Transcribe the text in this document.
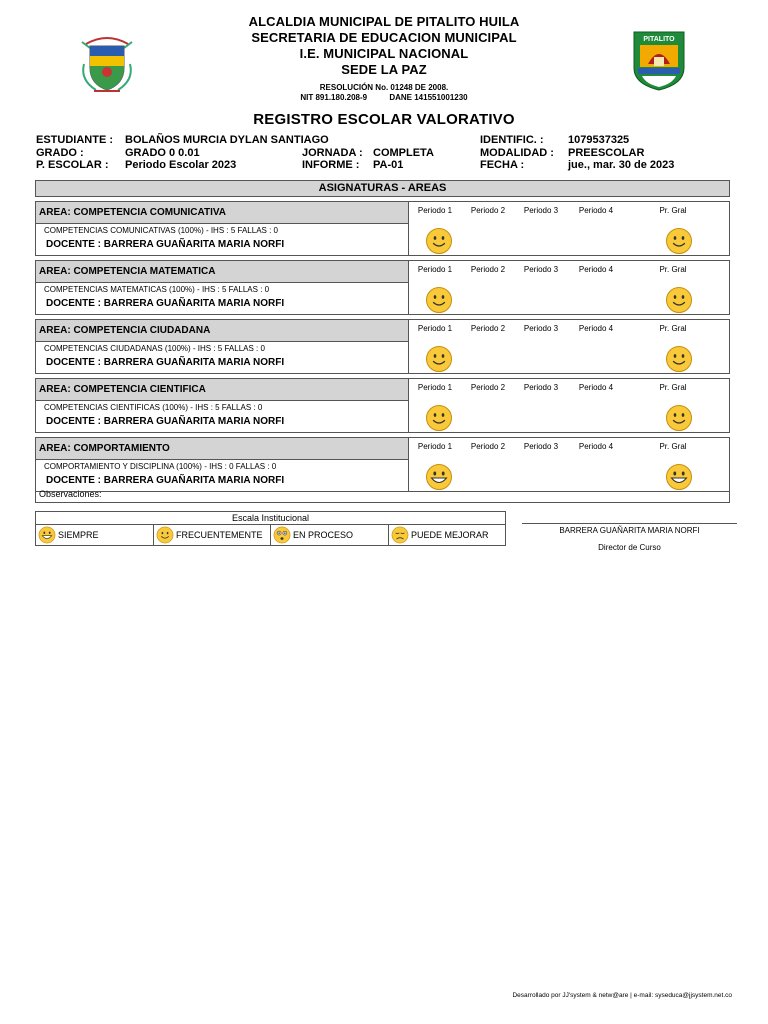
ALCALDIA MUNICIPAL DE PITALITO HUILA
SECRETARIA DE EDUCACION MUNICIPAL
I.E. MUNICIPAL NACIONAL
SEDE LA PAZ
RESOLUCIÓN No. 01248 DE 2008.
NIT 891.180.208-9	DANE 141551001230
PITALITO
REGISTRO ESCOLAR VALORATIVO
ESTUDIANTE : BOLAÑOS MURCIA DYLAN SANTIAGO	IDENTIFIC. : 1079537325
GRADO :	GRADO 0 0.01	JORNADA : COMPLETA	MODALIDAD : PREESCOLAR
P. ESCOLAR : Periodo Escolar 2023	INFORME : PA-01	FECHA :	jue., mar. 30 de 2023
ASIGNATURAS - AREAS
AREA: COMPETENCIA COMUNICATIVA
COMPETENCIAS COMUNICATIVAS (100%) - IHS : 5 FALLAS : 0
DOCENTE : BARRERA GUAÑARITA MARIA NORFI
Periodo 1	Periodo 2	Periodo 3	Periodo 4	Pr. Gral
AREA: COMPETENCIA MATEMATICA
COMPETENCIAS MATEMATICAS (100%) - IHS : 5 FALLAS : 0
DOCENTE : BARRERA GUAÑARITA MARIA NORFI
Periodo 1	Periodo 2	Periodo 3	Periodo 4	Pr. Gral
AREA: COMPETENCIA CIUDADANA
COMPETENCIAS CIUDADANAS (100%) - IHS : 5 FALLAS : 0
DOCENTE : BARRERA GUAÑARITA MARIA NORFI
Periodo 1	Periodo 2	Periodo 3	Periodo 4	Pr. Gral
AREA: COMPETENCIA CIENTIFICA
COMPETENCIAS CIENTIFICAS (100%) - IHS : 5 FALLAS : 0
DOCENTE : BARRERA GUAÑARITA MARIA NORFI
Periodo 1	Periodo 2	Periodo 3	Periodo 4	Pr. Gral
AREA: COMPORTAMIENTO
COMPORTAMIENTO Y DISCIPLINA (100%) - IHS : 0 FALLAS : 0
DOCENTE : BARRERA GUAÑARITA MARIA NORFI
Periodo 1	Periodo 2	Periodo 3	Periodo 4	Pr. Gral
Observaciones:
Escala Institucional
SIEMPRE	FRECUENTEMENTE	EN PROCESO	PUEDE MEJORAR	BARRERA GUAÑARITA MARIA NORFI
Director de Curso
Desarrollado por JJ'system & netw@are | e-mail: syseduca@jjsystem.net.co
